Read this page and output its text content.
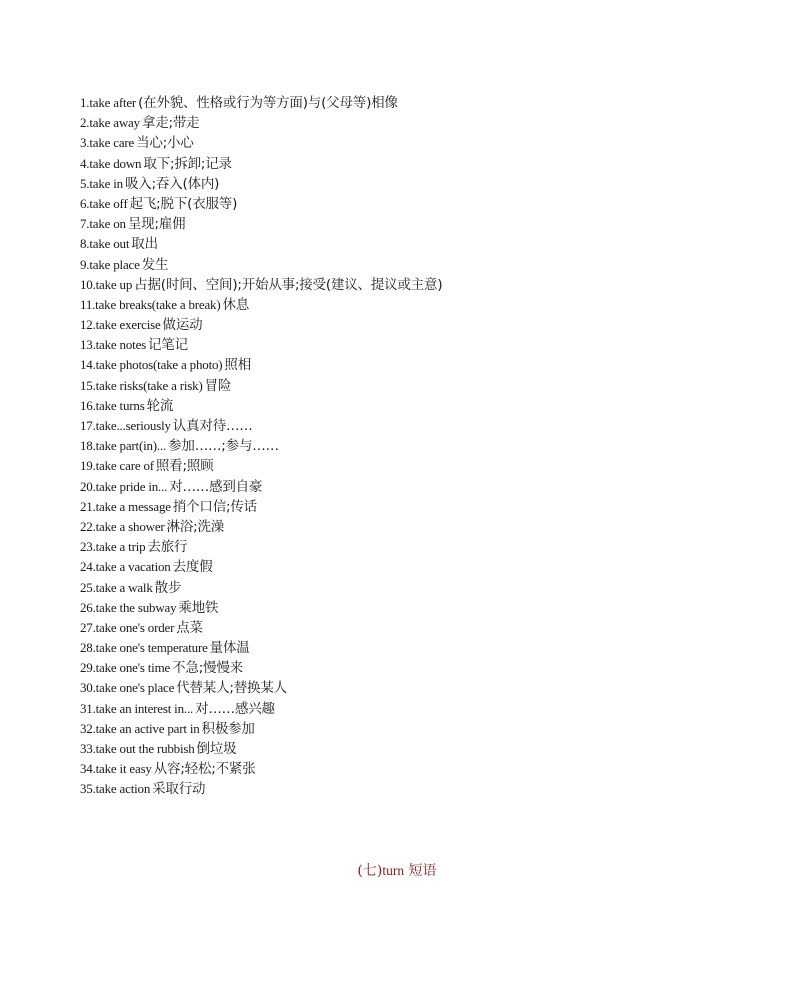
1.take after (在外貌、性格或行为等方面)与(父母等)相像
2.take away 拿走;带走
3.take care 当心;小心
4.take down 取下;拆卸;记录
5.take in 吸入;吞入(体内)
6.take off 起飞;脱下(衣服等)
7.take on 呈现;雇佣
8.take out 取出
9.take place 发生
10.take up 占据(时间、空间);开始从事;接受(建议、提议或主意)
11.take breaks(take a break) 休息
12.take exercise 做运动
13.take notes 记笔记
14.take photos(take a photo) 照相
15.take risks(take a risk) 冒险
16.take turns 轮流
17.take...seriously 认真对待……
18.take part(in)... 参加……;参与……
19.take care of 照看;照顾
20.take pride in... 对……感到自豪
21.take a message 捎个口信;传话
22.take a shower 淋浴;洗澡
23.take a trip 去旅行
24.take a vacation 去度假
25.take a walk 散步
26.take the subway 乘地铁
27.take one's order 点菜
28.take one's temperature 量体温
29.take one's time 不急;慢慢来
30.take one's place 代替某人;替换某人
31.take an interest in... 对……感兴趣
32.take an active part in 积极参加
33.take out the rubbish 倒垃圾
34.take it easy 从容;轻松;不紧张
35.take action 采取行动
(七)turn 短语
